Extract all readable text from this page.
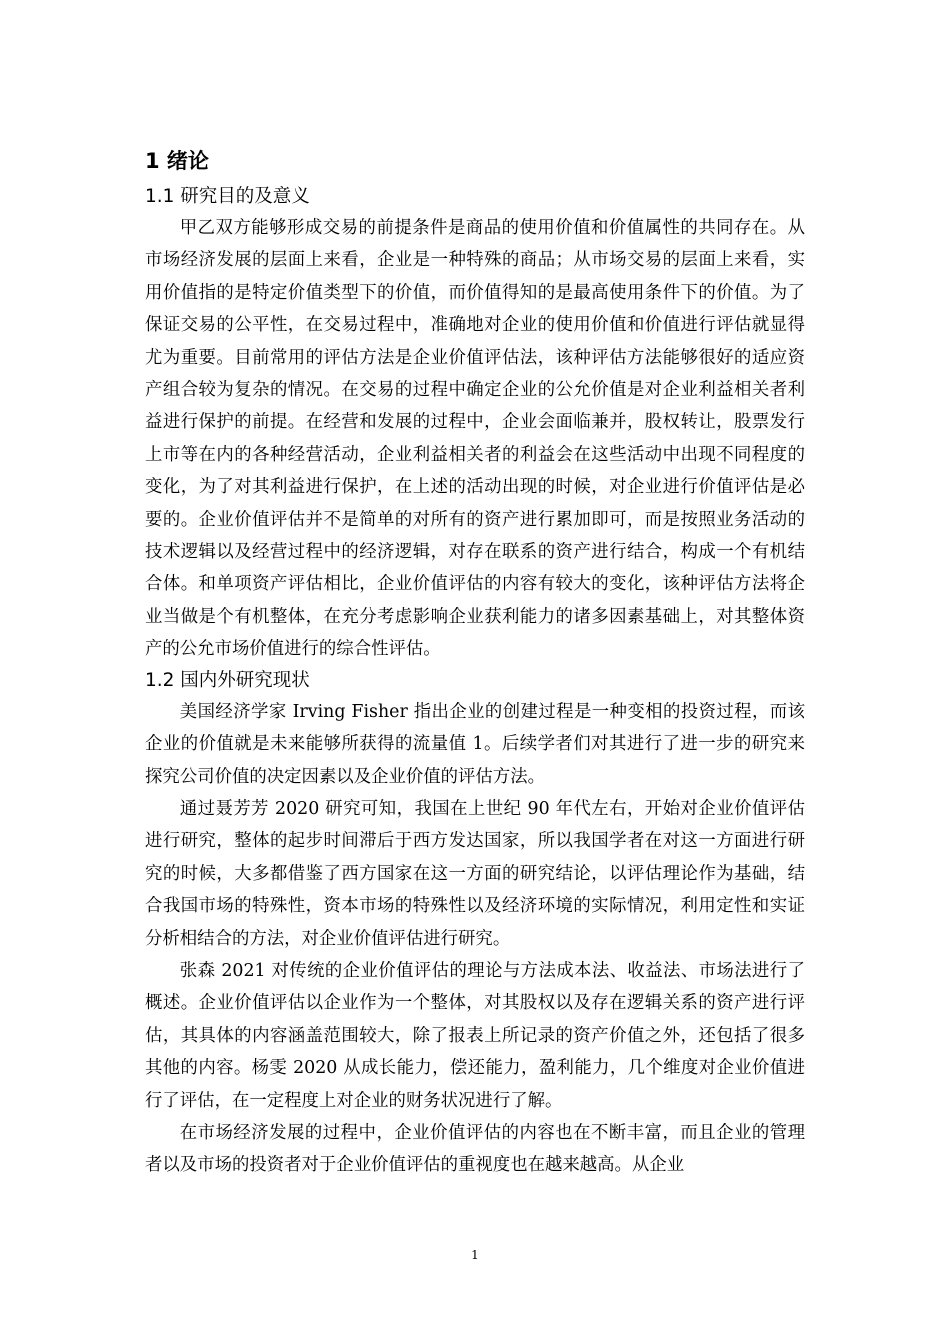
1 绪论
1.1 研究目的及意义

甲乙双方能够形成交易的前提条件是商品的使用价值和价值属性的共同存在。从市场经济发展的层面上来看，企业是一种特殊的商品；从市场交易的层面上来看，实用价值指的是特定价值类型下的价值，而价值得知的是最高使用条件下的价值。为了保证交易的公平性，在交易过程中，准确地对企业的使用价值和价值进行评估就显得尤为重要。目前常用的评估方法是企业价值评估法，该种评估方法能够很好的适应资产组合较为复杂的情况。在交易的过程中确定企业的公允价值是对企业利益相关者利益进行保护的前提。在经营和发展的过程中，企业会面临兼并，股权转让，股票发行上市等在内的各种经营活动，企业利益相关者的利益会在这些活动中出现不同程度的变化，为了对其利益进行保护，在上述的活动出现的时候，对企业进行价值评估是必要的。企业价值评估并不是简单的对所有的资产进行累加即可，而是按照业务活动的技术逻辑以及经营过程中的经济逻辑，对存在联系的资产进行结合，构成一个有机结合体。和单项资产评估相比，企业价值评估的内容有较大的变化，该种评估方法将企业当做是个有机整体，在充分考虑影响企业获利能力的诸多因素基础上，对其整体资产的公允市场价值进行的综合性评估。

1.2 国内外研究现状

美国经济学家 Irving Fisher 指出企业的创建过程是一种变相的投资过程，而该企业的价值就是未来能够所获得的流量值 1。后续学者们对其进行了进一步的研究来探究公司价值的决定因素以及企业价值的评估方法。

通过聂芳芳 2020 研究可知，我国在上世纪 90 年代左右，开始对企业价值评估进行研究，整体的起步时间滞后于西方发达国家，所以我国学者在对这一方面进行研究的时候，大多都借鉴了西方国家在这一方面的研究结论，以评估理论作为基础，结合我国市场的特殊性，资本市场的特殊性以及经济环境的实际情况，利用定性和实证分析相结合的方法，对企业价值评估进行研究。

张森 2021 对传统的企业价值评估的理论与方法成本法、收益法、市场法进行了概述。企业价值评估以企业作为一个整体，对其股权以及存在逻辑关系的资产进行评估，其具体的内容涵盖范围较大，除了报表上所记录的资产价值之外，还包括了很多其他的内容。杨雯 2020 从成长能力，偿还能力，盈利能力，几个维度对企业价值进行了评估，在一定程度上对企业的财务状况进行了解。

在市场经济发展的过程中，企业价值评估的内容也在不断丰富，而且企业的管理者以及市场的投资者对于企业价值评估的重视度也在越来越高。从企业

1
